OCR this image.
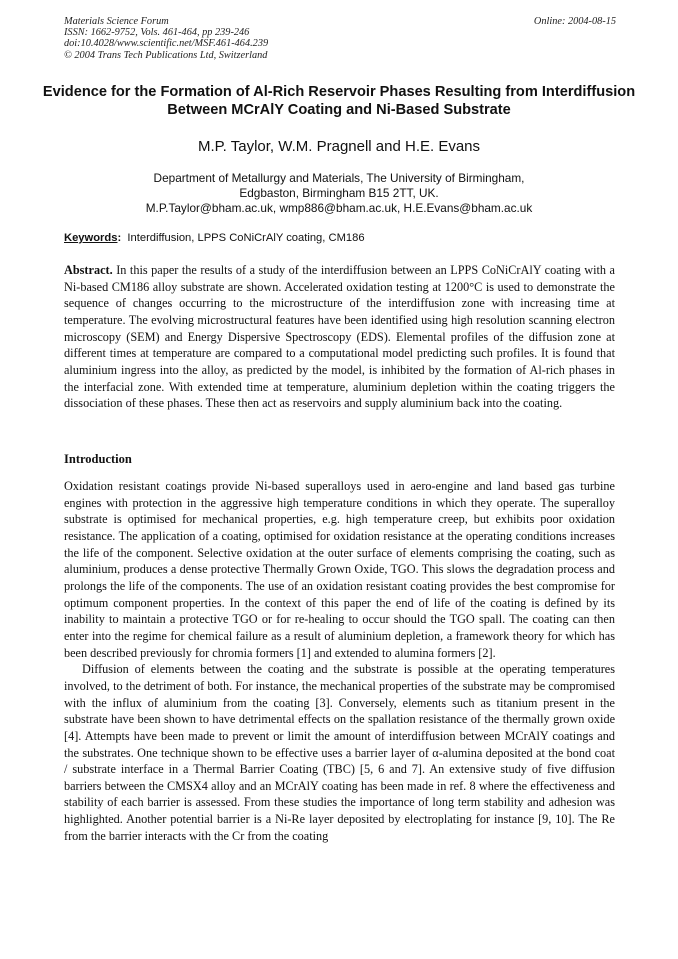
Materials Science Forum
ISSN: 1662-9752, Vols. 461-464, pp 239-246
doi:10.4028/www.scientific.net/MSF.461-464.239
© 2004 Trans Tech Publications Ltd, Switzerland
Online: 2004-08-15
Evidence for the Formation of Al-Rich Reservoir Phases Resulting from Interdiffusion Between MCrAlY Coating and Ni-Based Substrate
M.P. Taylor, W.M. Pragnell and H.E. Evans
Department of Metallurgy and Materials, The University of Birmingham,
Edgbaston, Birmingham B15 2TT, UK.
M.P.Taylor@bham.ac.uk, wmp886@bham.ac.uk, H.E.Evans@bham.ac.uk
Keywords: Interdiffusion, LPPS CoNiCrAlY coating, CM186
Abstract. In this paper the results of a study of the interdiffusion between an LPPS CoNiCrAlY coating with a Ni-based CM186 alloy substrate are shown. Accelerated oxidation testing at 1200°C is used to demonstrate the sequence of changes occurring to the microstructure of the interdiffusion zone with increasing time at temperature. The evolving microstructural features have been identified using high resolution scanning electron microscopy (SEM) and Energy Dispersive Spectroscopy (EDS). Elemental profiles of the diffusion zone at different times at temperature are compared to a computational model predicting such profiles. It is found that aluminium ingress into the alloy, as predicted by the model, is inhibited by the formation of Al-rich phases in the interfacial zone. With extended time at temperature, aluminium depletion within the coating triggers the dissociation of these phases. These then act as reservoirs and supply aluminium back into the coating.
Introduction

Oxidation resistant coatings provide Ni-based superalloys used in aero-engine and land based gas turbine engines with protection in the aggressive high temperature conditions in which they operate. The superalloy substrate is optimised for mechanical properties, e.g. high temperature creep, but exhibits poor oxidation resistance. The application of a coating, optimised for oxidation resistance at the operating conditions increases the life of the component. Selective oxidation at the outer surface of elements comprising the coating, such as aluminium, produces a dense protective Thermally Grown Oxide, TGO. This slows the degradation process and prolongs the life of the components. The use of an oxidation resistant coating provides the best compromise for optimum component properties. In the context of this paper the end of life of the coating is defined by its inability to maintain a protective TGO or for re-healing to occur should the TGO spall. The coating can then enter into the regime for chemical failure as a result of aluminium depletion, a framework theory for which has been described previously for chromia formers [1] and extended to alumina formers [2].

Diffusion of elements between the coating and the substrate is possible at the operating temperatures involved, to the detriment of both. For instance, the mechanical properties of the substrate may be compromised with the influx of aluminium from the coating [3]. Conversely, elements such as titanium present in the substrate have been shown to have detrimental effects on the spallation resistance of the thermally grown oxide [4]. Attempts have been made to prevent or limit the amount of interdiffusion between MCrAlY coatings and the substrates. One technique shown to be effective uses a barrier layer of α-alumina deposited at the bond coat / substrate interface in a Thermal Barrier Coating (TBC) [5, 6 and 7]. An extensive study of five diffusion barriers between the CMSX4 alloy and an MCrAlY coating has been made in ref. 8 where the effectiveness and stability of each barrier is assessed. From these studies the importance of long term stability and adhesion was highlighted. Another potential barrier is a Ni-Re layer deposited by electroplating for instance [9, 10]. The Re from the barrier interacts with the Cr from the coating
